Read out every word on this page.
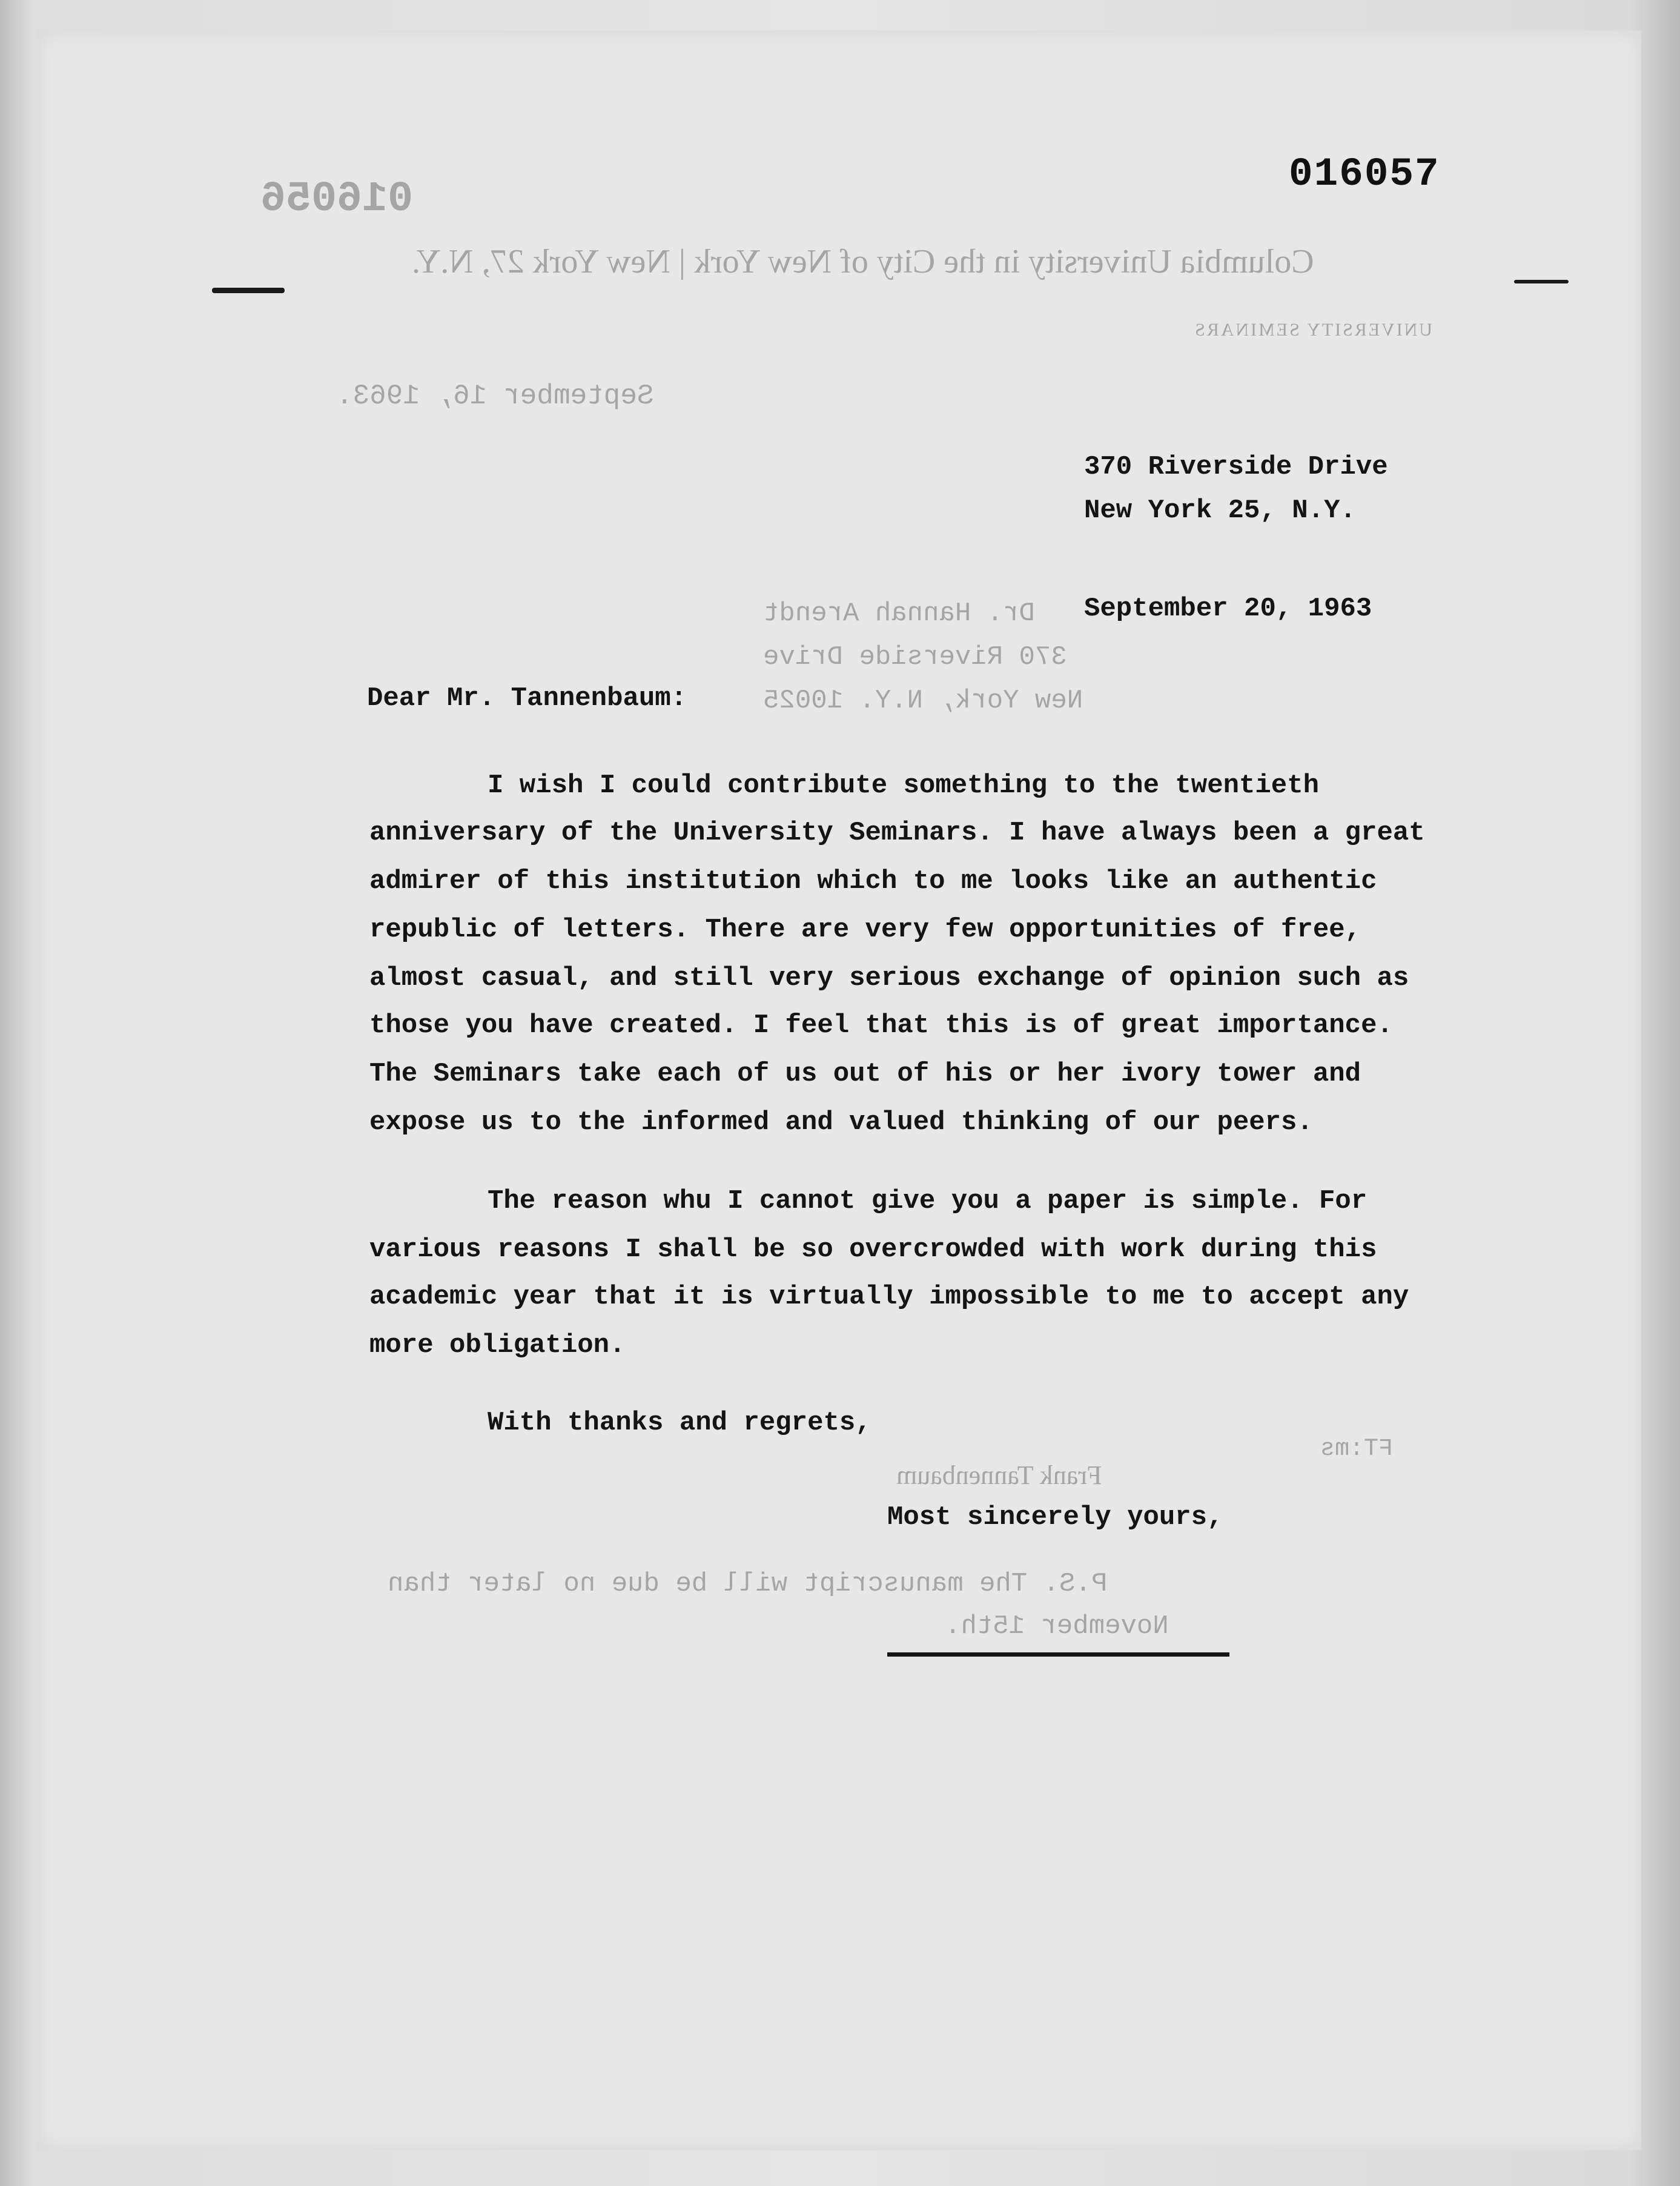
016056
Columbia University in the City of New York | New York 27, N.Y.
UNIVERSITY SEMINARS
September 16, 1963.
Dr. Hannah Arendt
370 Riverside Drive
New York, N.Y. 10025
Frank Tannenbaum
FT:ms
P.S. The manuscript will be due no later than
November 15th.
016057
370 Riverside Drive
New York 25, N.Y.
September 20, 1963
Dear Mr. Tannenbaum:
I wish I could contribute something to the twentieth
anniversary of the University Seminars. I have always been a great
admirer of this institution which to me looks like an authentic
republic of letters. There are very few opportunities of free,
almost casual, and still very serious exchange of opinion such as
those you have created. I feel that this is of great importance.
The Seminars take each of us out of his or her ivory tower and
expose us to the informed and valued thinking of our peers.
The reason whu I cannot give you a paper is simple. For
various reasons I shall be so overcrowded with work during this
academic year that it is virtually impossible to me to accept any
more obligation.
With thanks and regrets,
Most sincerely yours,
